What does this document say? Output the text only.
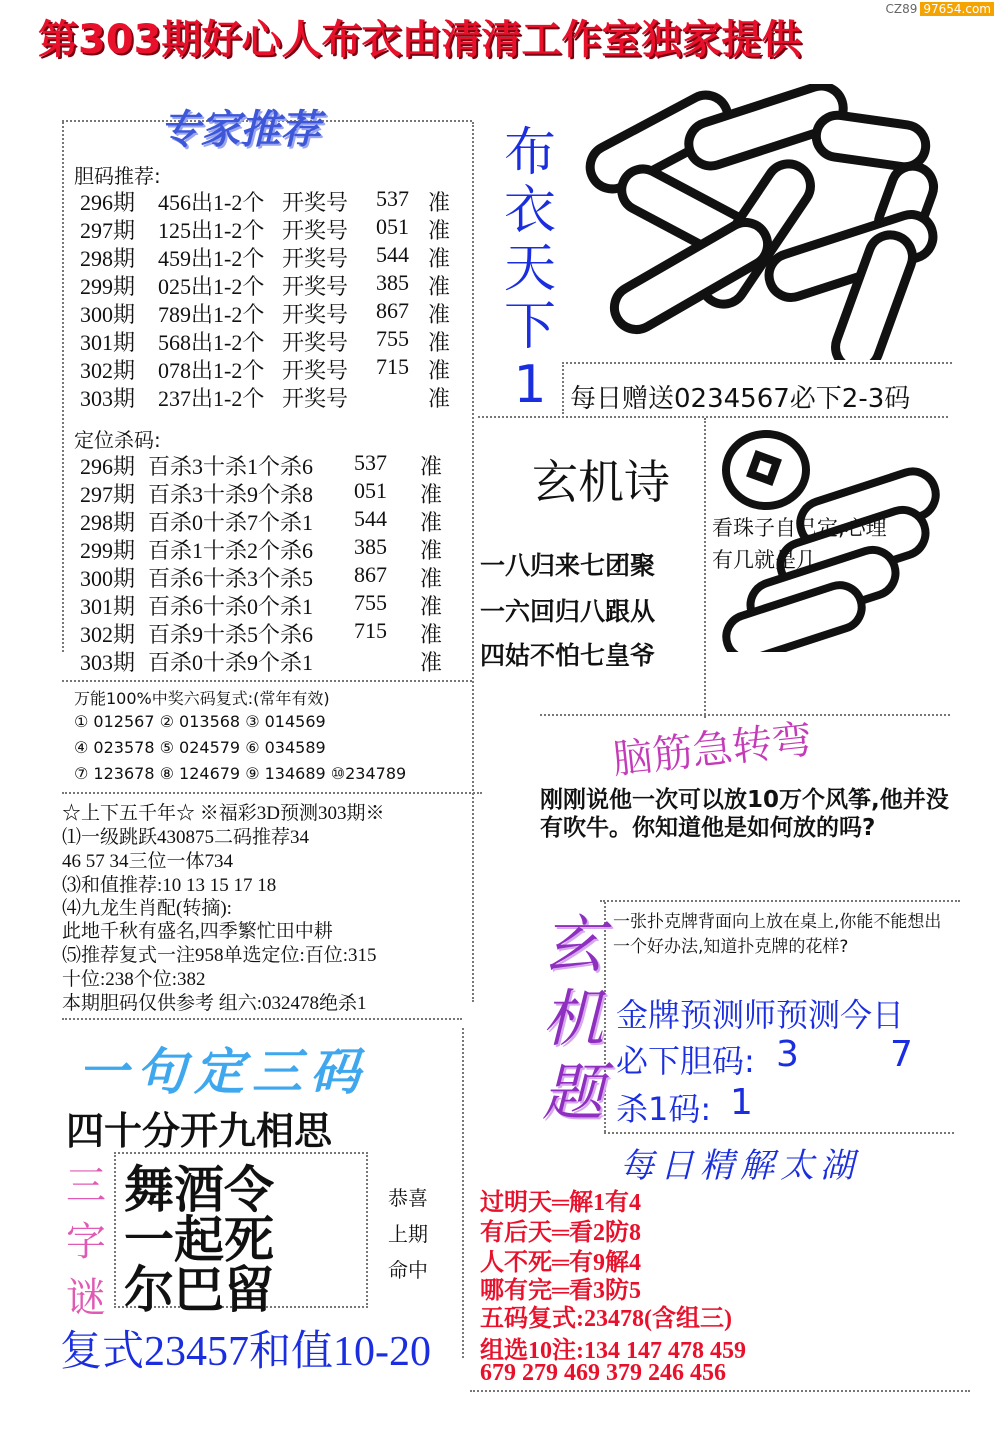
CZ89 97654.com
第303期好心人布衣由清清工作室独家提供
专家推荐
胆码推荐:
296期 456出1-2个 开奖号 537 准
297期 125出1-2个 开奖号 051 准
298期 459出1-2个 开奖号 544 准
299期 025出1-2个 开奖号 385 准
300期 789出1-2个 开奖号 867 准
301期 568出1-2个 开奖号 755 准
302期 078出1-2个 开奖号 715 准
303期 237出1-2个 开奖号	准
定位杀码:
296期 百杀3十杀1个杀6 537 准
297期 百杀3十杀9个杀8 051 准
298期 百杀0十杀7个杀1 544 准
299期 百杀1十杀2个杀6 385 准
300期 百杀6十杀3个杀5 867 准
301期 百杀6十杀0个杀1 755 准
302期 百杀9十杀5个杀6 715 准
303期 百杀0十杀9个杀1	准
万能100%中奖六码复式:(常年有效)
① 012567 ② 013568 ③ 014569
④ 023578 ⑤ 024579 ⑥ 034589
⑦ 123678 ⑧ 124679 ⑨ 134689 ⑩234789
☆上下五千年☆ ※福彩3D预测303期※
⑴一级跳跃430875二码推荐34
46 57 34三位一体734
⑶和值推荐:10 13 15 17 18
⑷九龙生肖配(转摘):
此地千秋有盛名,四季繁忙田中耕
⑸推荐复式一注958单选定位:百位:315
十位:238个位:382
本期胆码仅供参考 组六:032478绝杀1
布
衣
天
下
1 每日赠送0234567必下2-3码
玄机诗
一八归来七团聚
一六回归八跟从
四姑不怕七皇爷
看珠子自己定,心理
有几就是几
脑筋急转弯
刚刚说他一次可以放10万个风筝,他并没有吹牛。你知道他是如何放的吗?
玄
机
题
一张扑克牌背面向上放在桌上,你能不能想出一个好办法,知道扑克牌的花样?
金牌预测师预测今日
必下胆码: 3	7
杀1码: 1
每日精解太湖
过明天═解1有4
有后天═看2防8
人不死═有9解4
哪有完═看3防5
五码复式:23478(含组三)
组选10注:134 147 478 459
679 279 469 379 246 456
一句定三码
四十分开九相思
三
字
谜
舞酒令
一起死
尔巴留
恭喜
上期
命中
复式23457和值10-20
